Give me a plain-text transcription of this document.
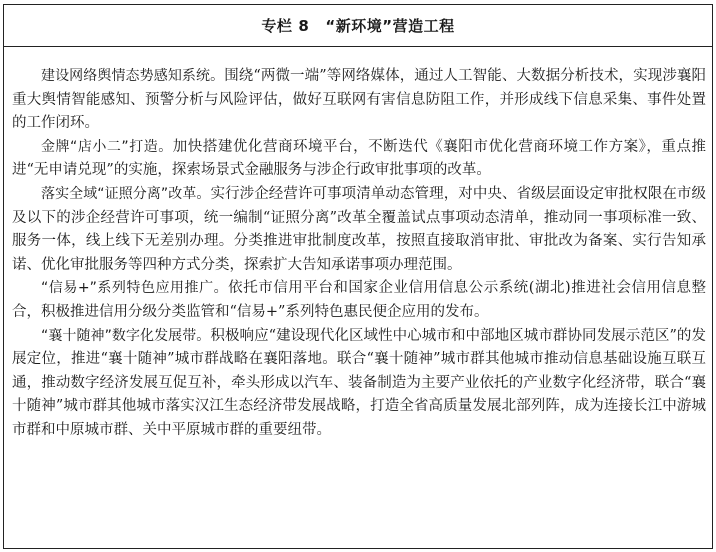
专栏 8 “新环境”营造工程

建设网络舆情态势感知系统。围绕“两微一端”等网络媒体，通过人工智能、大数据分析技术，实现涉襄阳重大舆情智能感知、预警分析与风险评估，做好互联网有害信息防阻工作，并形成线下信息采集、事件处置的工作闭环。

金牌“店小二”打造。加快搭建优化营商环境平台，不断迭代《襄阳市优化营商环境工作方案》，重点推进“无申请兑现”的实施，探索场景式金融服务与涉企行政审批事项的改革。

落实全域“证照分离”改革。实行涉企经营许可事项清单动态管理，对中央、省级层面设定审批权限在市级及以下的涉企经营许可事项，统一编制“证照分离”改革全覆盖试点事项动态清单，推动同一事项标准一致、服务一体，线上线下无差别办理。分类推进审批制度改革，按照直接取消审批、审批改为备案、实行告知承诺、优化审批服务等四种方式分类，探索扩大告知承诺事项办理范围。

“信易+”系列特色应用推广。依托市信用平台和国家企业信用信息公示系统(湖北)推进社会信用信息整合，积极推进信用分级分类监管和“信易+”系列特色惠民便企应用的发布。

“襄十随神”数字化发展带。积极响应“建设现代化区域性中心城市和中部地区城市群协同发展示范区”的发展定位，推进“襄十随神”城市群战略在襄阳落地。联合“襄十随神”城市群其他城市推动信息基础设施互联互通，推动数字经济发展互促互补，牵头形成以汽车、装备制造为主要产业依托的产业数字化经济带，联合“襄十随神”城市群其他城市落实汉江生态经济带发展战略，打造全省高质量发展北部列阵，成为连接长江中游城市群和中原城市群、关中平原城市群的重要纽带。
